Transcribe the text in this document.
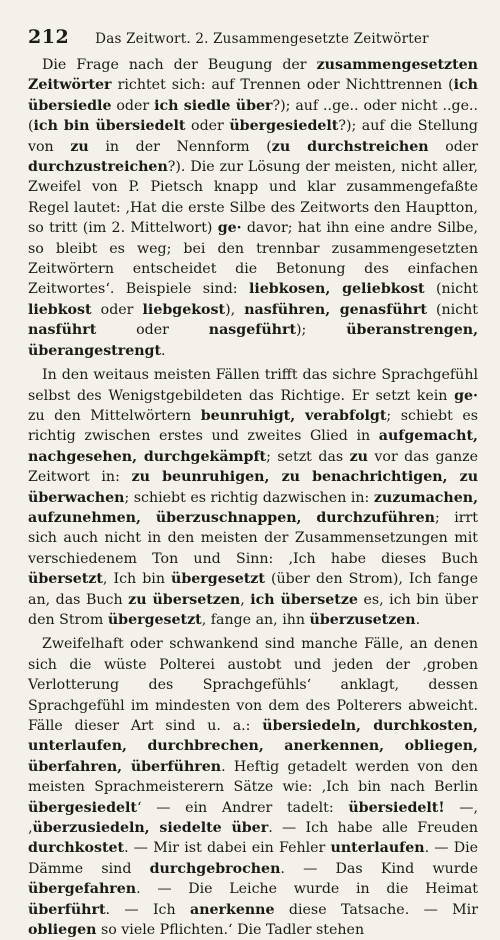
212 Das Zeitwort. 2. Zusammengesetzte Zeitwörter

Die Frage nach der Beugung der zusammengesetzten Zeitwörter richtet sich: auf Trennen oder Nichttrennen (ich übersiedle oder ich siedle über?); auf ..ge.. oder nicht ..ge.. (ich bin übersiedelt oder übergesiedelt?); auf die Stellung von zu in der Nennform (zu durchstreichen oder durchzustreichen?). Die zur Lösung der meisten, nicht aller, Zweifel von P. Pietsch knapp und klar zusammengefaßte Regel lautet: ‚Hat die erste Silbe des Zeitworts den Hauptton, so tritt (im 2. Mittelwort) ge· davor; hat ihn eine andre Silbe, so bleibt es weg; bei den trennbar zusammengesetzten Zeitwörtern entscheidet die Betonung des einfachen Zeitwortes‘. Beispiele sind: liebkosen, geliebkost (nicht liebkost oder liebgekost), nasführen, genasführt (nicht nasführt oder nasgeführt); überanstrengen, überangestrengt.

In den weitaus meisten Fällen trifft das sichre Sprachgefühl selbst des Wenigstgebildeten das Richtige. Er setzt kein ge· zu den Mittelwörtern beunruhigt, verabfolgt; schiebt es richtig zwischen erstes und zweites Glied in aufgemacht, nachgesehen, durchgekämpft; setzt das zu vor das ganze Zeitwort in: zu beunruhigen, zu benachrichtigen, zu überwachen; schiebt es richtig dazwischen in: zuzumachen, aufzunehmen, überzuschnappen, durchzuführen; irrt sich auch nicht in den meisten der Zusammensetzungen mit verschiedenem Ton und Sinn: ‚Ich habe dieses Buch übersetzt, Ich bin übergesetzt (über den Strom), Ich fange an, das Buch zu übersetzen, ich übersetze es, ich bin über den Strom übergesetzt, fange an, ihn überzusetzen.

Zweifelhaft oder schwankend sind manche Fälle, an denen sich die wüste Polterei austobt und jeden der ‚groben Verlotterung des Sprachgefühls‘ anklagt, dessen Sprachgefühl im mindesten von dem des Polterers abweicht. Fälle dieser Art sind u. a.: übersiedeln, durchkosten, unterlaufen, durchbrechen, anerkennen, obliegen, überfahren, überführen. Heftig getadelt werden von den meisten Sprachmeisterern Sätze wie: ‚Ich bin nach Berlin übergesiedelt‘ — ein Andrer tadelt: übersiedelt! —, ‚überzusiedeln, siedelte über. — Ich habe alle Freuden durchkostet. — Mir ist dabei ein Fehler unterlaufen. — Die Dämme sind durchgebrochen. — Das Kind wurde übergefahren. — Die Leiche wurde in die Heimat überführt. — Ich anerkenne diese Tatsache. — Mir obliegen so viele Pflichten.‘ Die Tadler stehen
